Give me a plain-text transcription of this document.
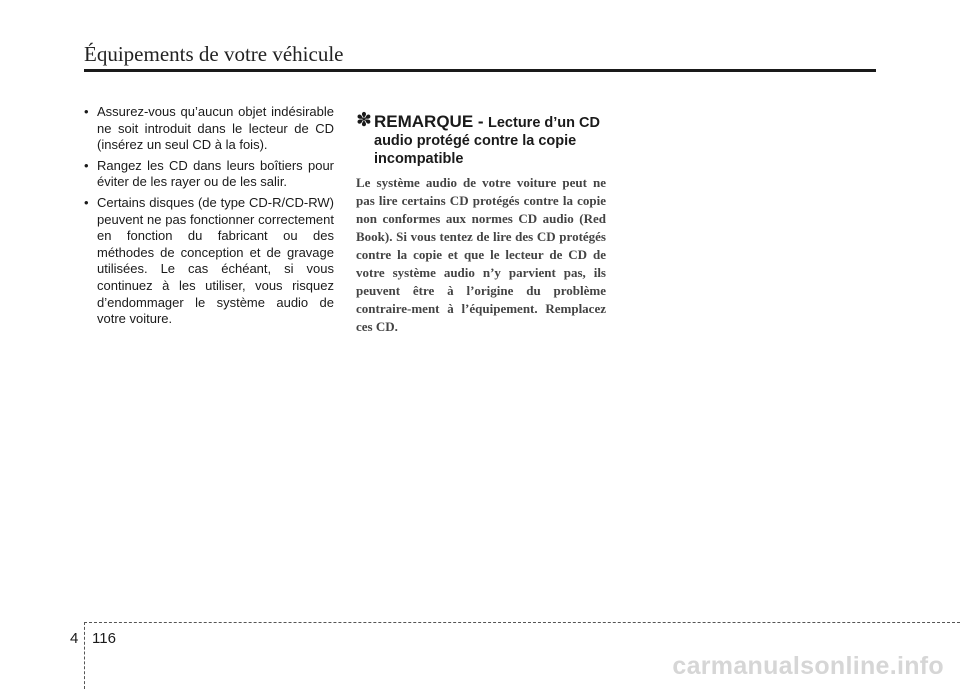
Équipements de votre véhicule
• Assurez-vous qu’aucun objet indésirable ne soit introduit dans le lecteur de CD (insérez un seul CD à la fois).
• Rangez les CD dans leurs boîtiers pour éviter de les rayer ou de les salir.
• Certains disques (de type CD-R/CD-RW) peuvent ne pas fonctionner correctement en fonction du fabricant ou des méthodes de conception et de gravage utilisées. Le cas échéant, si vous continuez à les utiliser, vous risquez d’endommager le système audio de votre voiture.
✽ REMARQUE - Lecture d’un CD audio protégé contre la copie incompatible
Le système audio de votre voiture peut ne pas lire certains CD protégés contre la copie non conformes aux normes CD audio (Red Book). Si vous tentez de lire des CD protégés contre la copie et que le lecteur de CD de votre système audio n’y parvient pas, ils peuvent être à l’origine du problème contraire-ment à l’équipement. Remplacez ces CD.
4 116
carmanualsonline.info
